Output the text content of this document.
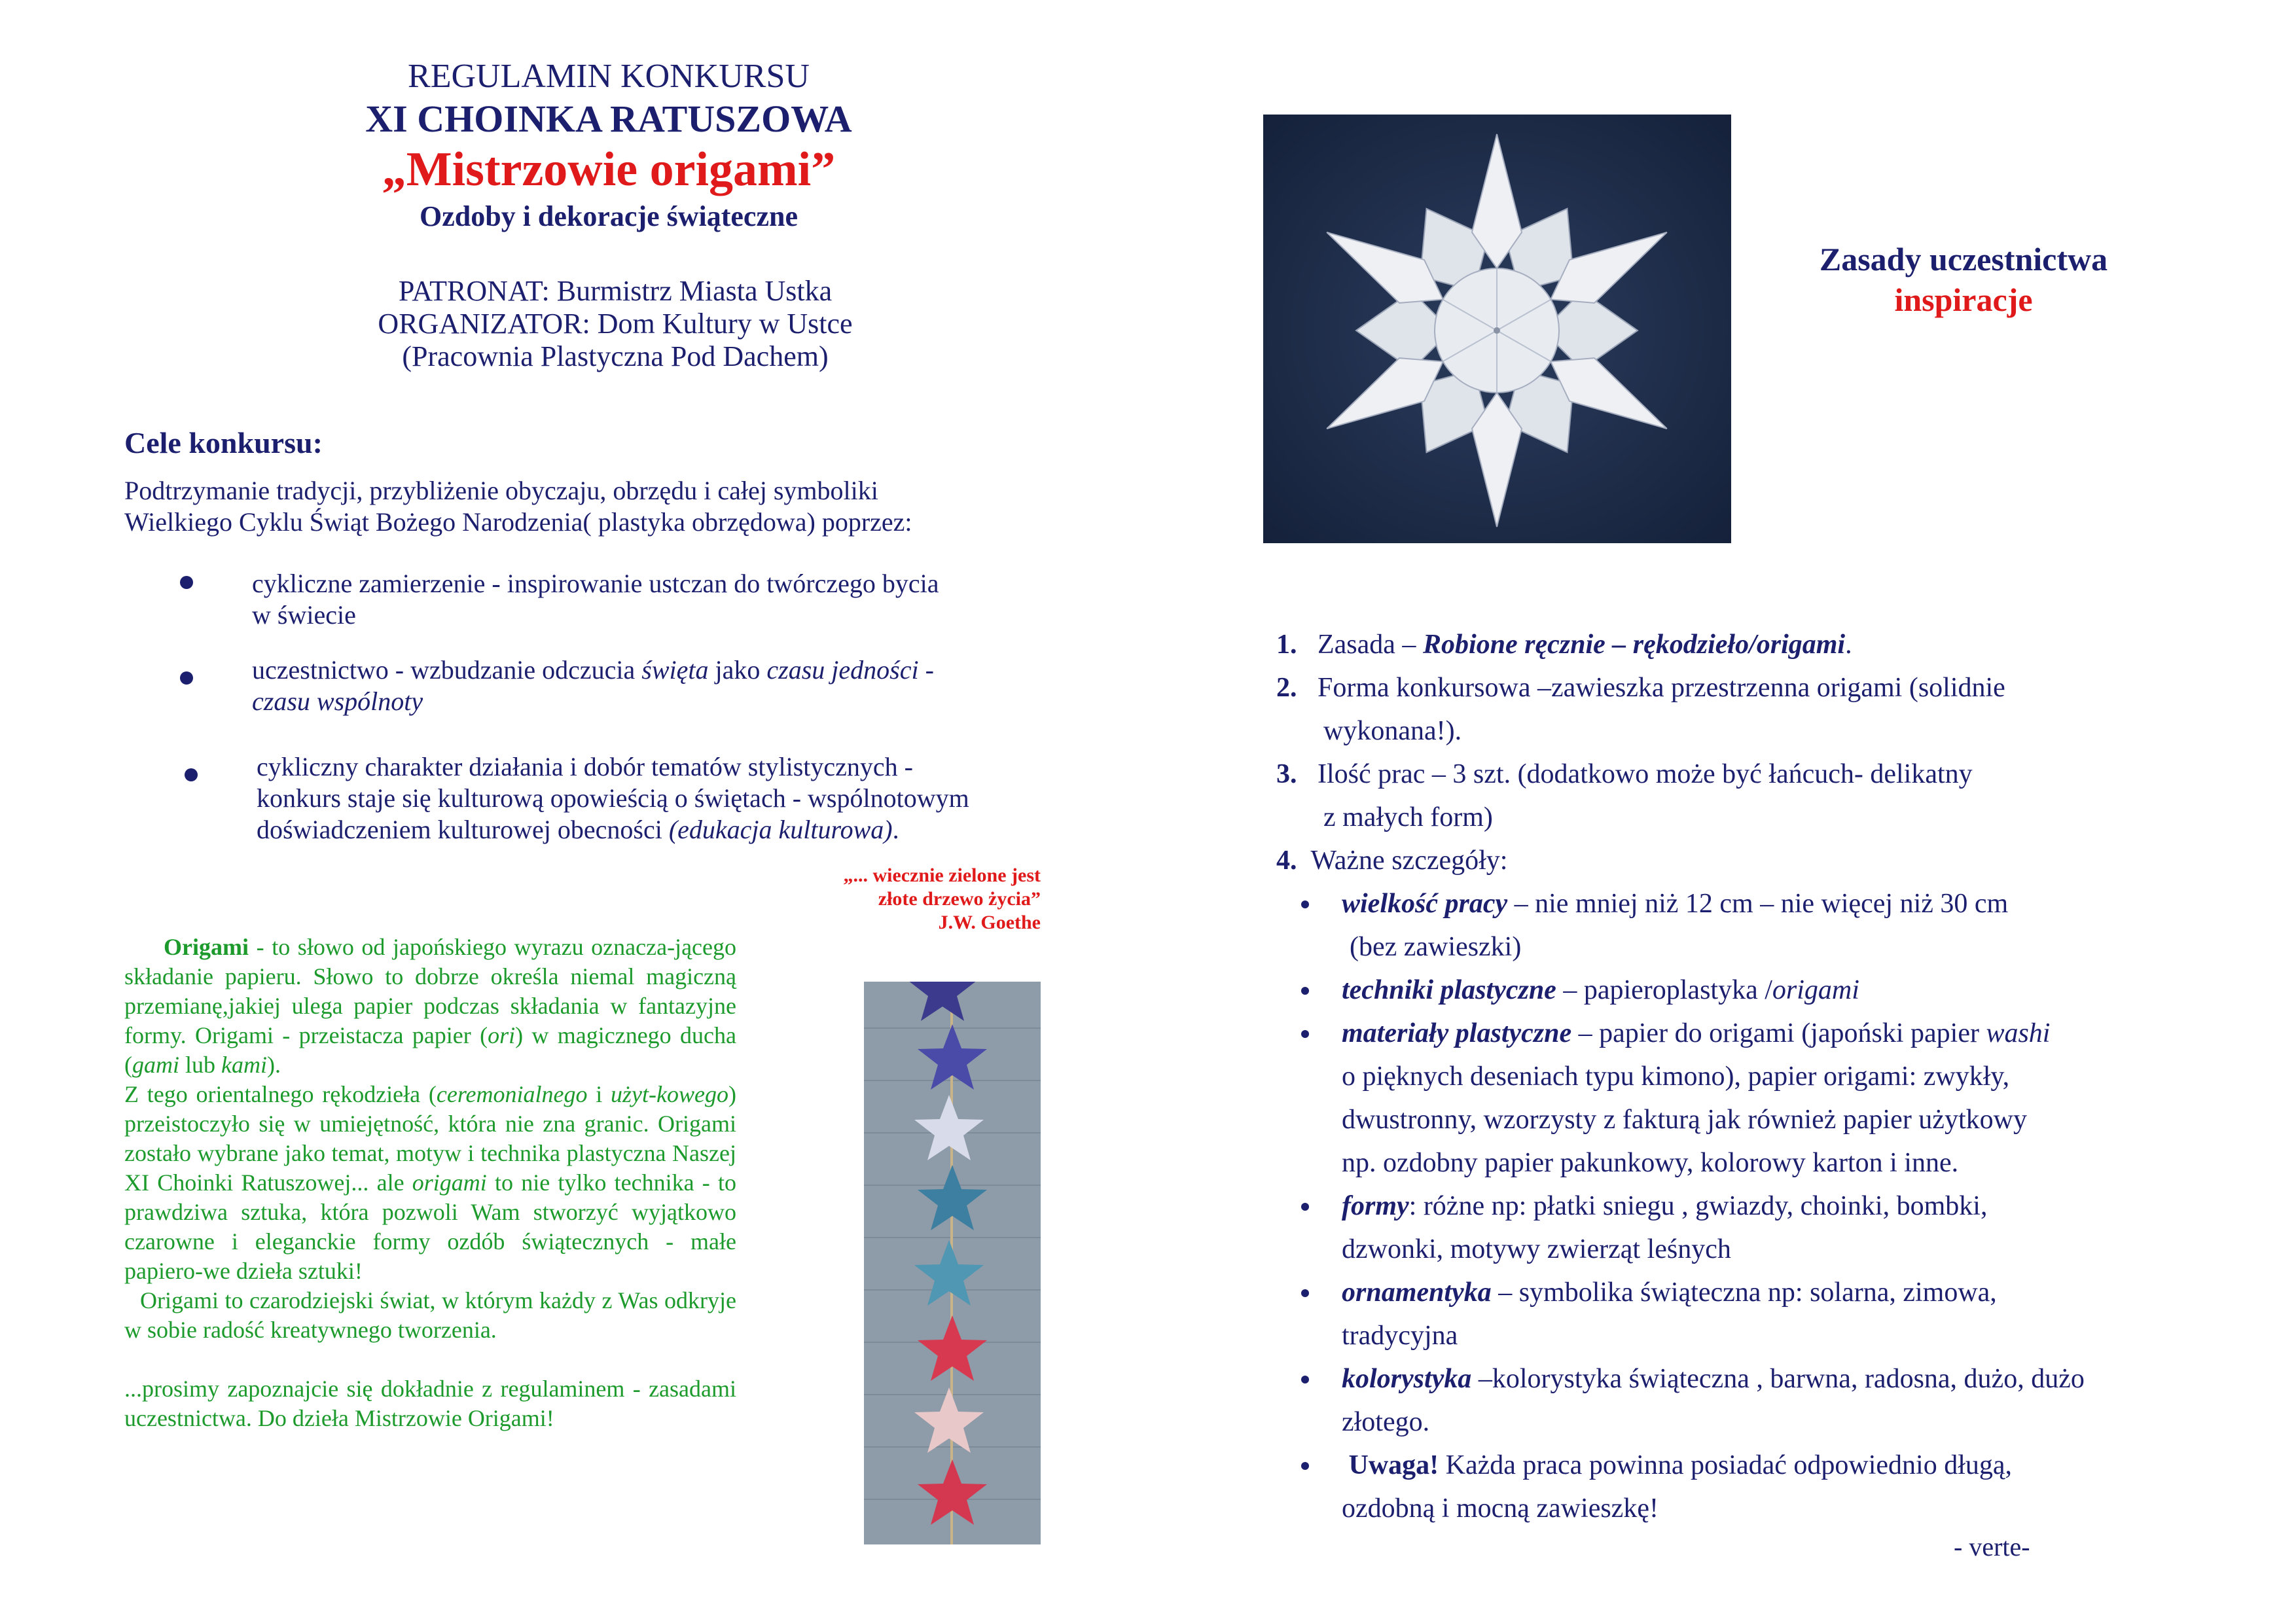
REGULAMIN KONKURSU
XI CHOINKA RATUSZOWA
„Mistrzowie origami”
Ozdoby i dekoracje świąteczne
PATRONAT: Burmistrz Miasta Ustka
ORGANIZATOR: Dom Kultury w Ustce
(Pracownia Plastyczna Pod Dachem)
Cele konkursu:
Podtrzymanie tradycji, przybliżenie obyczaju, obrzędu i całej symboliki
Wielkiego Cyklu Świąt Bożego Narodzenia( plastyka obrzędowa) poprzez:
cykliczne zamierzenie - inspirowanie ustczan do twórczego bycia
w świecie
uczestnictwo - wzbudzanie odczucia święta jako czasu jedności -
czasu wspólnoty
cykliczny charakter działania i dobór tematów stylistycznych -
konkurs staje się kulturową opowieścią o świętach - wspólnotowym
doświadczeniem kulturowej obecności (edukacja kulturowa).
„... wiecznie zielone jest
złote drzewo życia”
J.W. Goethe

Origami - to słowo od japońskiego wyrazu oznacza-jącego składanie papieru. Słowo to dobrze określa niemal magiczną przemianę,jakiej ulega papier podczas składania w fantazyjne formy. Origami - przeistacza papier (ori) w magicznego ducha (gami lub kami).

Z tego orientalnego rękodzieła (ceremonialnego i użyt-kowego) przeistoczyło się w umiejętność, która nie zna granic. Origami zostało wybrane jako temat, motyw i technika plastyczna Naszej XI Choinki Ratuszowej... ale origami to nie tylko technika - to prawdziwa sztuka, która pozwoli Wam stworzyć wyjątkowo czarowne i eleganckie formy ozdób świątecznych - małe papiero-we dzieła sztuki!

Origami to czarodziejski świat, w którym każdy z Was odkryje w sobie radość kreatywnego tworzenia.

...prosimy zapoznajcie się dokładnie z regulaminem - zasadami uczestnictwa. Do dzieła Mistrzowie Origami!

Zasady uczestnictwa
inspiracje
1. Zasada – Robione ręcznie – rękodzieło/origami.
2. Forma konkursowa –zawieszka przestrzenna origami (solidnie
wykonana!).
3. Ilość prac – 3 szt. (dodatkowo może być łańcuch- delikatny
z małych form)
4. Ważne szczegóły:
wielkość pracy – nie mniej niż 12 cm – nie więcej niż 30 cm
(bez zawieszki)
techniki plastyczne – papieroplastyka /origami
materiały plastyczne – papier do origami (japoński papier washi
o pięknych deseniach typu kimono), papier origami: zwykły,
dwustronny, wzorzysty z fakturą jak również papier użytkowy
np. ozdobny papier pakunkowy, kolorowy karton i inne.
formy: różne np: płatki sniegu , gwiazdy, choinki, bombki,
dzwonki, motywy zwierząt leśnych
ornamentyka – symbolika świąteczna np: solarna, zimowa,
tradycyjna
kolorystyka –kolorystyka świąteczna , barwna, radosna, dużo, dużo
złotego.
Uwaga! Każda praca powinna posiadać odpowiednio długą,
ozdobną i mocną zawieszkę!
- verte-
